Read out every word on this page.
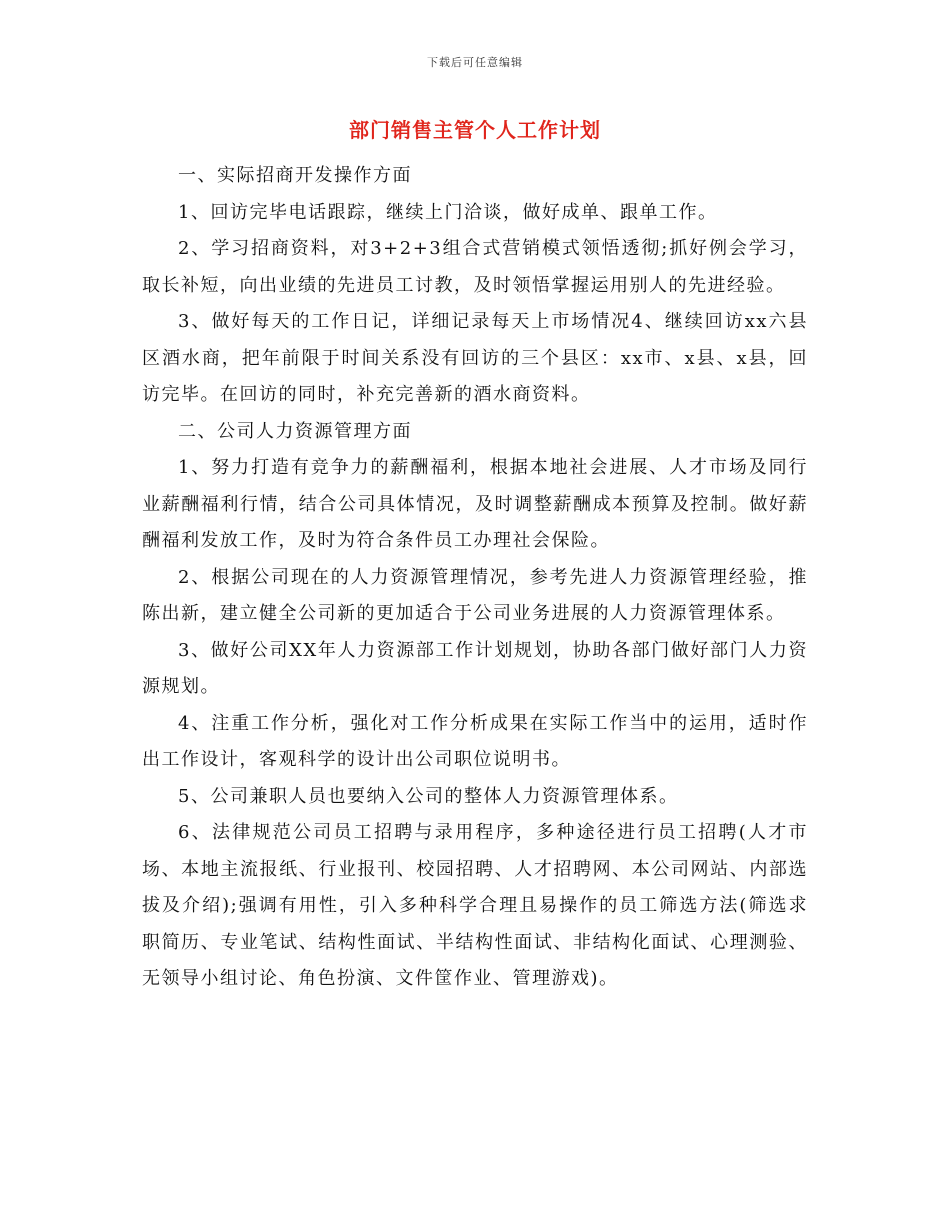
下载后可任意编辑
部门销售主管个人工作计划

一、实际招商开发操作方面

1、回访完毕电话跟踪，继续上门洽谈，做好成单、跟单工作。

2、学习招商资料，对3+2+3组合式营销模式领悟透彻;抓好例会学习，取长补短，向出业绩的先进员工讨教，及时领悟掌握运用别人的先进经验。

3、做好每天的工作日记，详细记录每天上市场情况4、继续回访xx六县区酒水商，把年前限于时间关系没有回访的三个县区：xx市、x县、x县，回访完毕。在回访的同时，补充完善新的酒水商资料。

二、公司人力资源管理方面

1、努力打造有竞争力的薪酬福利，根据本地社会进展、人才市场及同行业薪酬福利行情，结合公司具体情况，及时调整薪酬成本预算及控制。做好薪酬福利发放工作，及时为符合条件员工办理社会保险。

2、根据公司现在的人力资源管理情况，参考先进人力资源管理经验，推陈出新，建立健全公司新的更加适合于公司业务进展的人力资源管理体系。

3、做好公司XX年人力资源部工作计划规划，协助各部门做好部门人力资源规划。

4、注重工作分析，强化对工作分析成果在实际工作当中的运用，适时作出工作设计，客观科学的设计出公司职位说明书。

5、公司兼职人员也要纳入公司的整体人力资源管理体系。

6、法律规范公司员工招聘与录用程序，多种途径进行员工招聘(人才市场、本地主流报纸、行业报刊、校园招聘、人才招聘网、本公司网站、内部选拔及介绍);强调有用性，引入多种科学合理且易操作的员工筛选方法(筛选求职简历、专业笔试、结构性面试、半结构性面试、非结构化面试、心理测验、无领导小组讨论、角色扮演、文件筐作业、管理游戏)。
